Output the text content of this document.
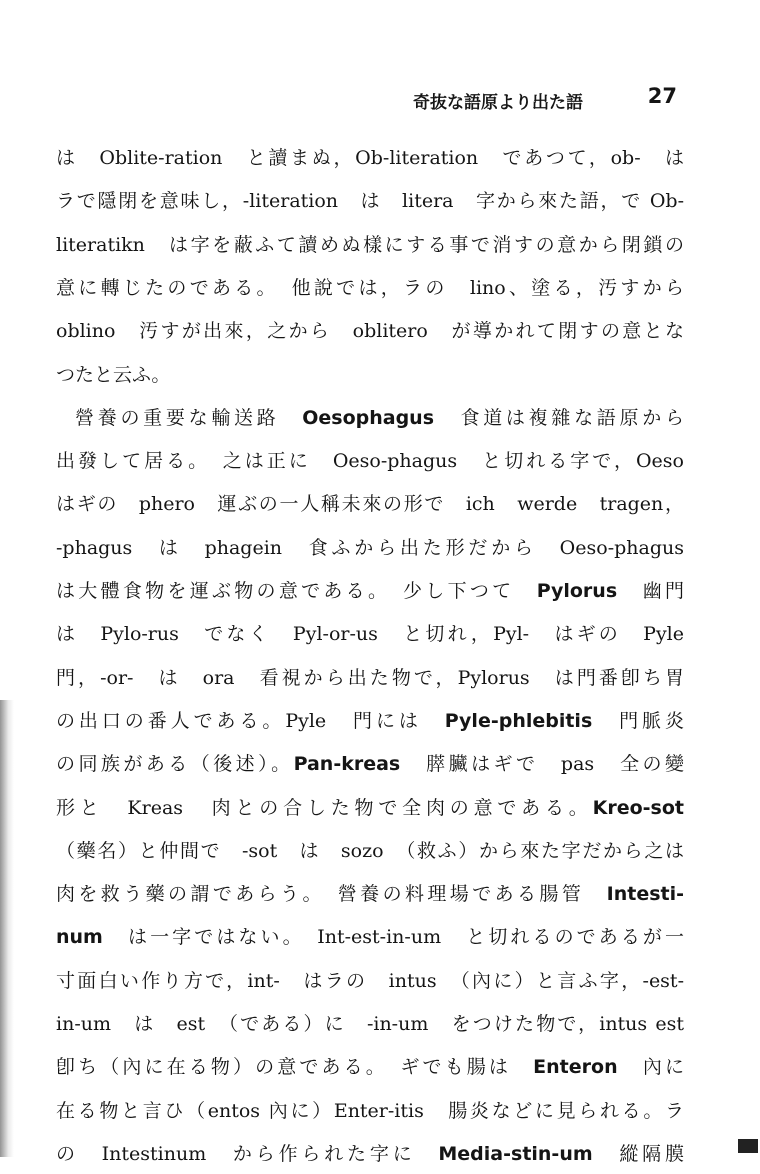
奇抜な語原より出た語	27
は　Oblite-ration　と讀まぬ，Ob-literation　であつて，ob-　は
ラで隱閉を意味し，-literation　は　litera　字から來た語，で Ob-
literatikn　は字を蔽ふて讀めぬ樣にする事で消すの意から閉鎖の
意に轉じたのである。　他說では，ラの　lino、塗る，汚すから
oblino　汚すが出來，之から　oblitero　が導かれて閉すの意とな
つたと云ふ。
營養の重要な輸送路　Oesophagus　食道は複雜な語原から
出發して居る。　之は正に　Oeso-phagus　と切れる字で，Oeso
はギの　phero　運ぶの一人稱未來の形で　ich　werde　tragen，
-phagus　は　phagein　食ふから出た形だから　Oeso-phagus
は大體食物を運ぶ物の意である。　少し下つて　Pylorus　幽門
は　Pylo-rus　でなく　Pyl-or-us　と切れ，Pyl-　はギの　Pyle
門，-or-　は　ora　看視から出た物で，Pylorus　は門番卽ち胃
の出口の番人である。Pyle　門には　Pyle-phlebitis　門脈炎
の同族がある（後述）。Pan-kreas　膵臟はギで　pas　全の變
形と　Kreas　肉との合した物で全肉の意である。Kreo-sot
（藥名）と仲間で　-sot　は　sozo　（救ふ）から來た字だから之は
肉を救う藥の謂であらう。　營養の料理場である腸管　Intesti-
num　は一字ではない。　Int-est-in-um　と切れるのであるが一
寸面白い作り方で，int-　はラの　intus　（內に）と言ふ字，-est-
in-um　は　est　（である）に　-in-um　をつけた物で，intus est
卽ち（內に在る物）の意である。　ギでも腸は　Enteron　內に
在る物と言ひ（entos 內に）Enter-itis　腸炎などに見られる。ラ
の　Intestinum　から作られた字に　Media-stin-um　縱隔膜
